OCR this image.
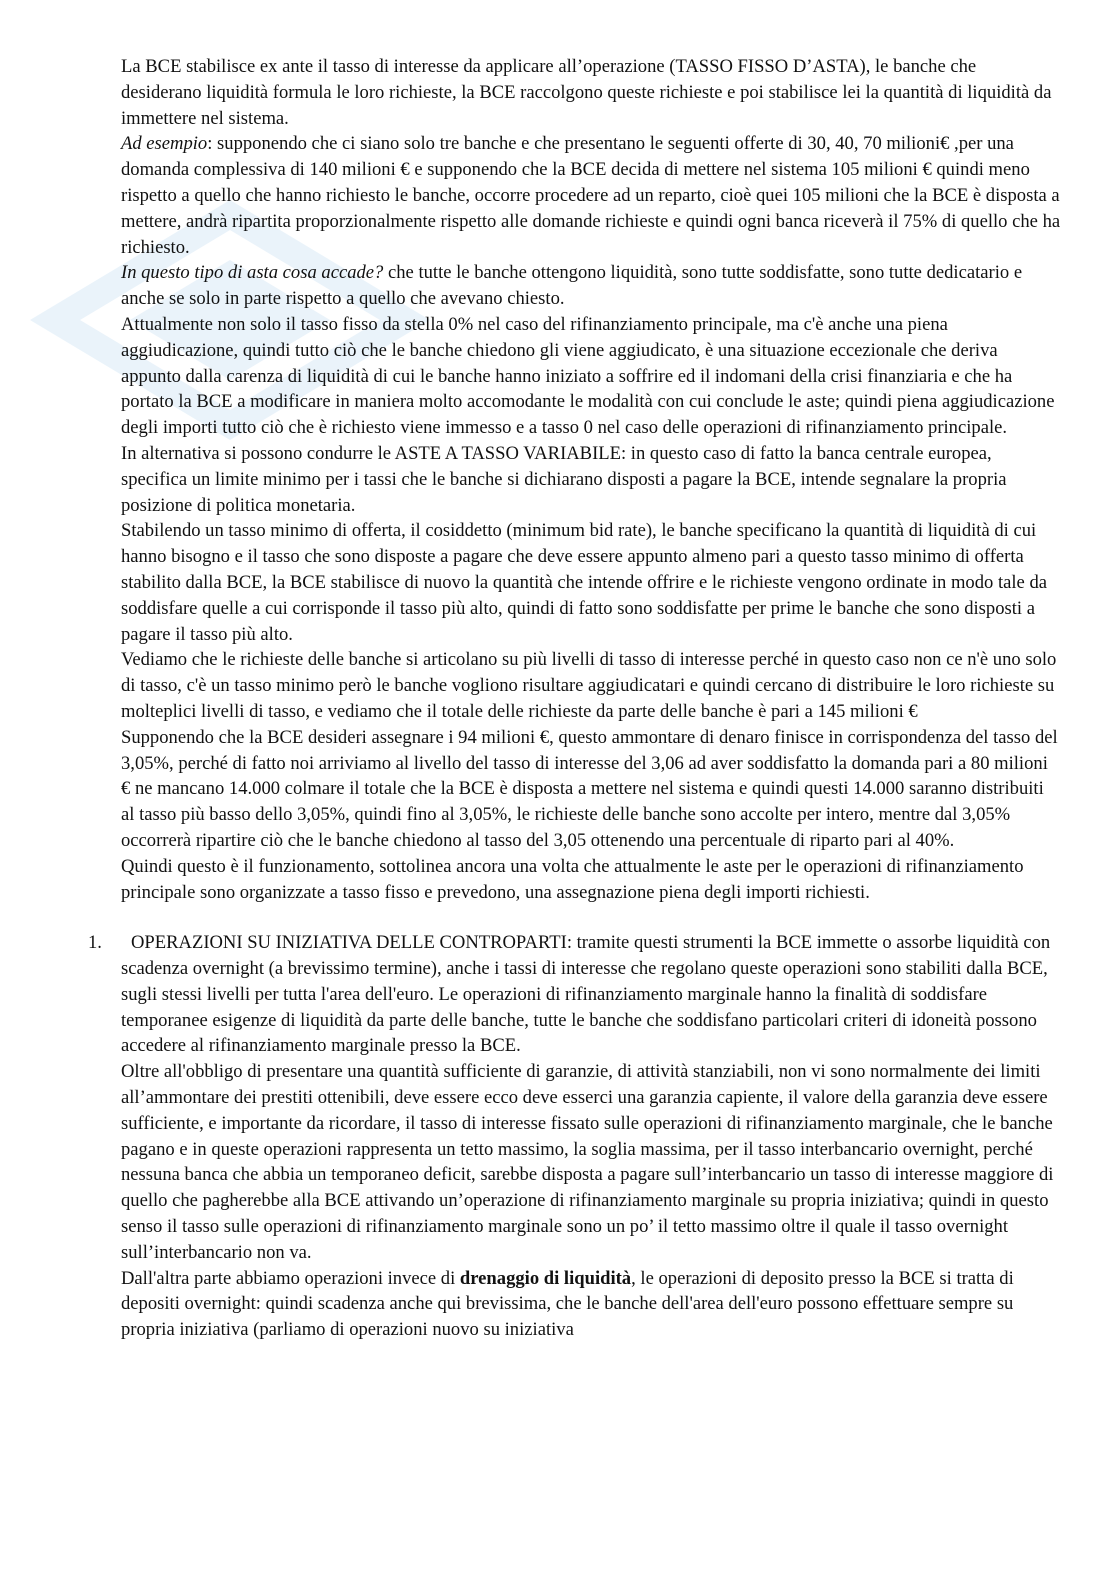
La BCE stabilisce ex ante il tasso di interesse da applicare all’operazione (TASSO FISSO D’ASTA), le banche che desiderano liquidità formula le loro richieste, la BCE raccolgono queste richieste e poi stabilisce lei la quantità di liquidità da immettere nel sistema.

Ad esempio: supponendo che ci siano solo tre banche e che presentano le seguenti offerte di 30, 40, 70 milioni€ ,per una domanda complessiva di 140 milioni € e supponendo che la BCE decida di mettere nel sistema 105 milioni € quindi meno rispetto a quello che hanno richiesto le banche, occorre procedere ad un reparto, cioè quei 105 milioni che la BCE è disposta a mettere, andrà ripartita proporzionalmente rispetto alle domande richieste e quindi ogni banca riceverà il 75% di quello che ha richiesto.

In questo tipo di asta cosa accade? che tutte le banche ottengono liquidità, sono tutte soddisfatte, sono tutte dedicatario e anche se solo in parte rispetto a quello che avevano chiesto.

Attualmente non solo il tasso fisso da stella 0% nel caso del rifinanziamento principale, ma c'è anche una piena aggiudicazione, quindi tutto ciò che le banche chiedono gli viene aggiudicato, è una situazione eccezionale che deriva appunto dalla carenza di liquidità di cui le banche hanno iniziato a soffrire ed il indomani della crisi finanziaria e che ha portato la BCE a modificare in maniera molto accomodante le modalità con cui conclude le aste; quindi piena aggiudicazione degli importi tutto ciò che è richiesto viene immesso e a tasso 0 nel caso delle operazioni di rifinanziamento principale.

In alternativa si possono condurre le ASTE A TASSO VARIABILE: in questo caso di fatto la banca centrale europea, specifica un limite minimo per i tassi che le banche si dichiarano disposti a pagare la BCE, intende segnalare la propria posizione di politica monetaria.

Stabilendo un tasso minimo di offerta, il cosiddetto (minimum bid rate), le banche specificano la quantità di liquidità di cui hanno bisogno e il tasso che sono disposte a pagare che deve essere appunto almeno pari a questo tasso minimo di offerta stabilito dalla BCE, la BCE stabilisce di nuovo la quantità che intende offrire e le richieste vengono ordinate in modo tale da soddisfare quelle a cui corrisponde il tasso più alto, quindi di fatto sono soddisfatte per prime le banche che sono disposti a pagare il tasso più alto.

Vediamo che le richieste delle banche si articolano su più livelli di tasso di interesse perché in questo caso non ce n'è uno solo di tasso, c'è un tasso minimo però le banche vogliono risultare aggiudicatari e quindi cercano di distribuire le loro richieste su molteplici livelli di tasso, e vediamo che il totale delle richieste da parte delle banche è pari a 145 milioni €

Supponendo che la BCE desideri assegnare i 94 milioni €, questo ammontare di denaro finisce in corrispondenza del tasso del 3,05%, perché di fatto noi arriviamo al livello del tasso di interesse del 3,06 ad aver soddisfatto la domanda pari a 80 milioni € ne mancano 14.000 colmare il totale che la BCE è disposta a mettere nel sistema e quindi questi 14.000 saranno distribuiti al tasso più basso dello 3,05%, quindi fino al 3,05%, le richieste delle banche sono accolte per intero, mentre dal 3,05% occorrerà ripartire ciò che le banche chiedono al tasso del 3,05 ottenendo una percentuale di riparto pari al 40%.

Quindi questo è il funzionamento, sottolinea ancora una volta che attualmente le aste per le operazioni di rifinanziamento principale sono organizzate a tasso fisso e prevedono, una assegnazione piena degli importi richiesti.

1.	OPERAZIONI SU INIZIATIVA DELLE CONTROPARTI: tramite questi strumenti la BCE immette o assorbe liquidità con scadenza overnight (a brevissimo termine), anche i tassi di interesse che regolano queste operazioni sono stabiliti dalla BCE, sugli stessi livelli per tutta l'area dell'euro. Le operazioni di rifinanziamento marginale hanno la finalità di soddisfare temporanee esigenze di liquidità da parte delle banche, tutte le banche che soddisfano particolari criteri di idoneità possono accedere al rifinanziamento marginale presso la BCE.

Oltre all'obbligo di presentare una quantità sufficiente di garanzie, di attività stanziabili, non vi sono normalmente dei limiti all’ammontare dei prestiti ottenibili, deve essere ecco deve esserci una garanzia capiente, il valore della garanzia deve essere sufficiente, e importante da ricordare, il tasso di interesse fissato sulle operazioni di rifinanziamento marginale, che le banche pagano e in queste operazioni rappresenta un tetto massimo, la soglia massima, per il tasso interbancario overnight, perché nessuna banca che abbia un temporaneo deficit, sarebbe disposta a pagare sull’interbancario un tasso di interesse maggiore di quello che pagherebbe alla BCE attivando un’operazione di rifinanziamento marginale su propria iniziativa; quindi in questo senso il tasso sulle operazioni di rifinanziamento marginale sono un po’ il tetto massimo oltre il quale il tasso overnight sull’interbancario non va.

Dall'altra parte abbiamo operazioni invece di drenaggio di liquidità, le operazioni di deposito presso la BCE si tratta di depositi overnight: quindi scadenza anche qui brevissima, che le banche dell'area dell'euro possono effettuare sempre su propria iniziativa (parliamo di operazioni nuovo su iniziativa
